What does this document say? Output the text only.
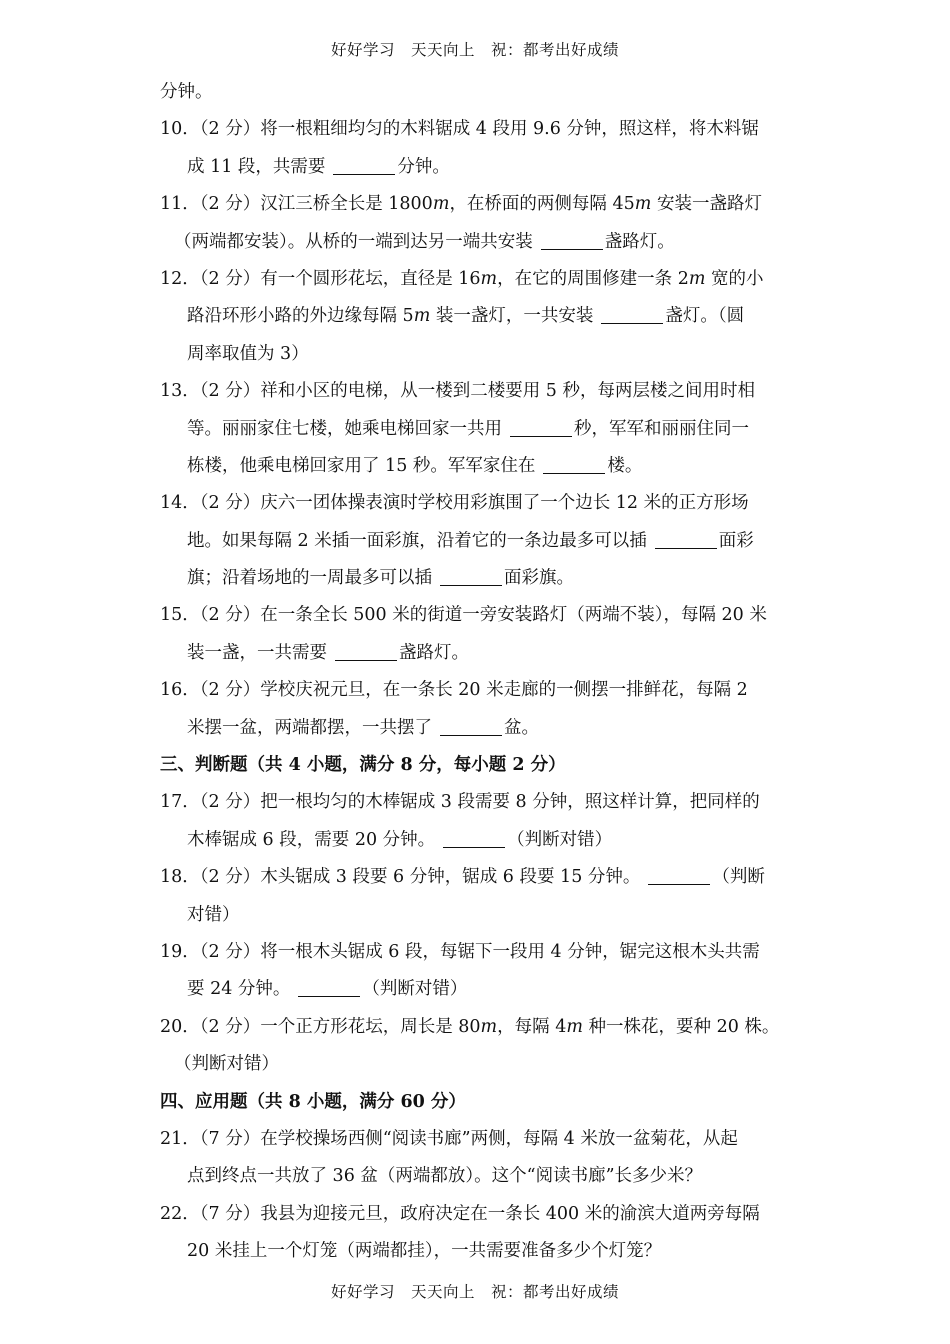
好好学习　天天向上　祝：都考出好成绩
分钟。
10．（2 分）将一根粗细均匀的木料锯成 4 段用 9.6 分钟，照这样，将木料锯
成 11 段，共需要	分钟。
11．（2 分）汉江三桥全长是 1800m，在桥面的两侧每隔 45m 安装一盏路灯
（两端都安装）。从桥的一端到达另一端共安装	盏路灯。
12．（2 分）有一个圆形花坛，直径是 16m，在它的周围修建一条 2m 宽的小
路沿环形小路的外边缘每隔 5m 装一盏灯，一共安装	盏灯。（圆
周率取值为 3）
13．（2 分）祥和小区的电梯，从一楼到二楼要用 5 秒，每两层楼之间用时相
等。丽丽家住七楼，她乘电梯回家一共用	秒，军军和丽丽住同一
栋楼，他乘电梯回家用了 15 秒。军军家住在	楼。
14．（2 分）庆六一团体操表演时学校用彩旗围了一个边长 12 米的正方形场
地。如果每隔 2 米插一面彩旗，沿着它的一条边最多可以插	面彩
旗；沿着场地的一周最多可以插	面彩旗。
15．（2 分）在一条全长 500 米的街道一旁安装路灯（两端不装），每隔 20 米
装一盏，一共需要	盏路灯。
16．（2 分）学校庆祝元旦，在一条长 20 米走廊的一侧摆一排鲜花，每隔 2
米摆一盆，两端都摆，一共摆了	盆。
三、判断题（共 4 小题，满分 8 分，每小题 2 分）
17．（2 分）把一根均匀的木棒锯成 3 段需要 8 分钟，照这样计算，把同样的
木棒锯成 6 段，需要 20 分钟。	（判断对错）
18．（2 分）木头锯成 3 段要 6 分钟，锯成 6 段要 15 分钟。	（判断
对错）
19．（2 分）将一根木头锯成 6 段，每锯下一段用 4 分钟，锯完这根木头共需
要 24 分钟。	（判断对错）
20．（2 分）一个正方形花坛，周长是 80m，每隔 4m 种一株花，要种 20 株。
（判断对错）
四、应用题（共 8 小题，满分 60 分）
21．（7 分）在学校操场西侧“阅读书廊”两侧，每隔 4 米放一盆菊花，从起
点到终点一共放了 36 盆（两端都放）。这个“阅读书廊”长多少米？
22．（7 分）我县为迎接元旦，政府决定在一条长 400 米的渝滨大道两旁每隔
20 米挂上一个灯笼（两端都挂），一共需要准备多少个灯笼？
好好学习　天天向上　祝：都考出好成绩
